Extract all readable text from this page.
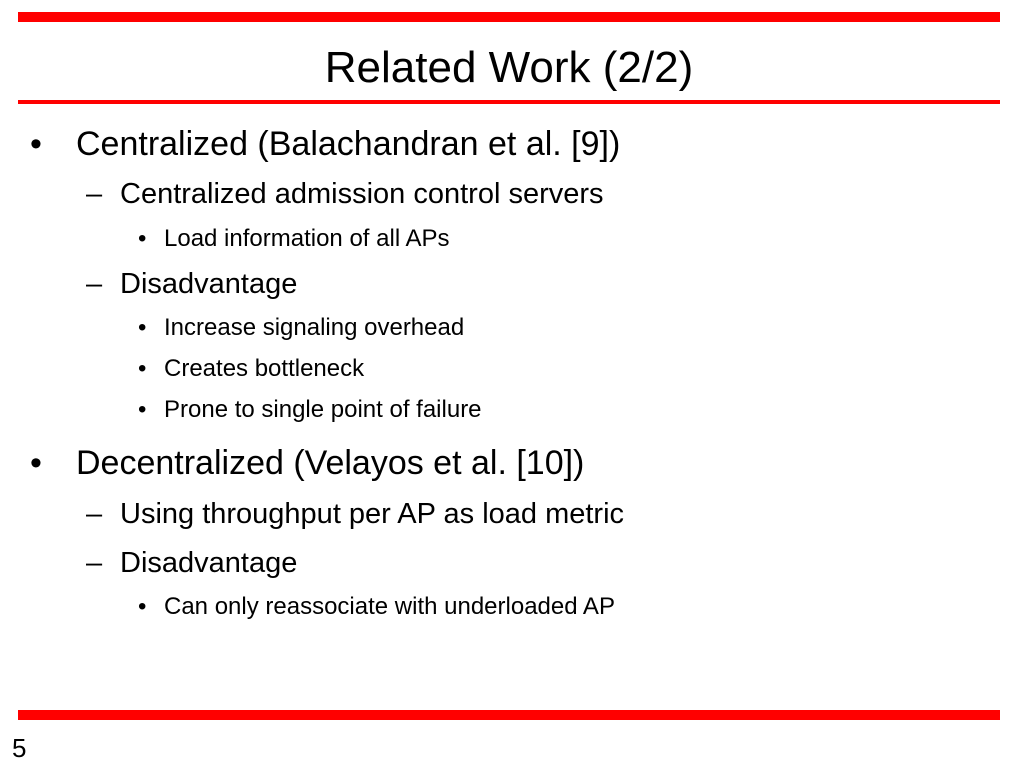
Related Work (2/2)
• Centralized (Balachandran et al. [9])
– Centralized admission control servers
• Load information of all APs
– Disadvantage
• Increase signaling overhead
• Creates bottleneck
• Prone to single point of failure
• Decentralized (Velayos et al. [10])
– Using throughput per AP as load metric
– Disadvantage
• Can only reassociate with underloaded AP
5
